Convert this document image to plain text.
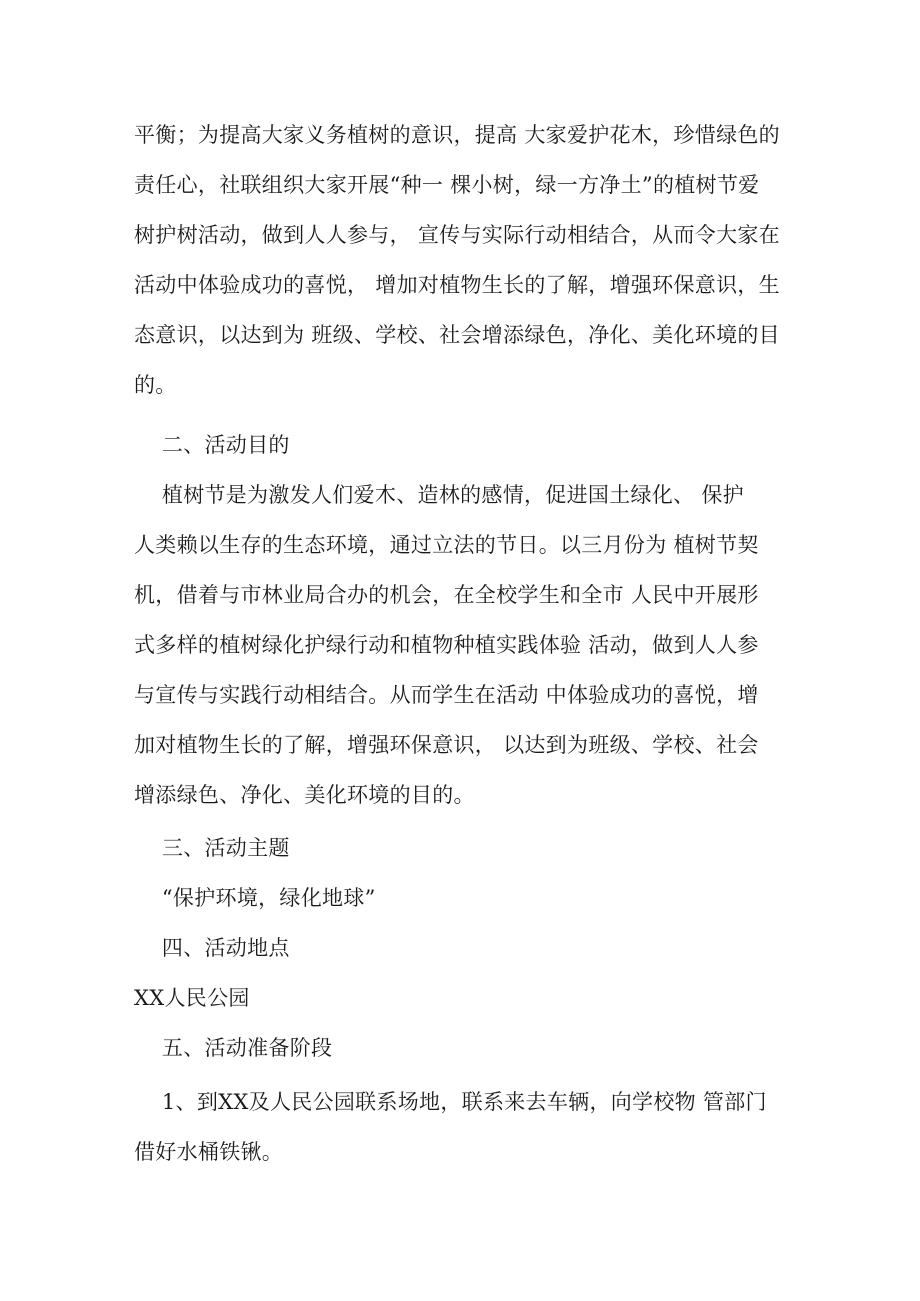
平衡；为提高大家义务植树的意识，提高 大家爱护花木，珍惜绿色的
责任心，社联组织大家开展“种一 棵小树，绿一方净土”的植树节爱
树护树活动，做到人人参与， 宣传与实际行动相结合，从而令大家在
活动中体验成功的喜悦， 增加对植物生长的了解，增强环保意识，生
态意识，以达到为 班级、学校、社会增添绿色，净化、美化环境的目
的。
二、活动目的
植树节是为激发人们爱木、造林的感情，促进国土绿化、 保护
人类赖以生存的生态环境，通过立法的节日。以三月份为 植树节契
机，借着与市林业局合办的机会，在全校学生和全市 人民中开展形
式多样的植树绿化护绿行动和植物种植实践体验 活动，做到人人参
与宣传与实践行动相结合。从而学生在活动 中体验成功的喜悦，增
加对植物生长的了解，增强环保意识， 以达到为班级、学校、社会
增添绿色、净化、美化环境的目的。
三、活动主题
“保护环境，绿化地球”
四、活动地点
XX人民公园
五、活动准备阶段
1、到XX及人民公园联系场地，联系来去车辆，向学校物 管部门
借好水桶铁锹。
